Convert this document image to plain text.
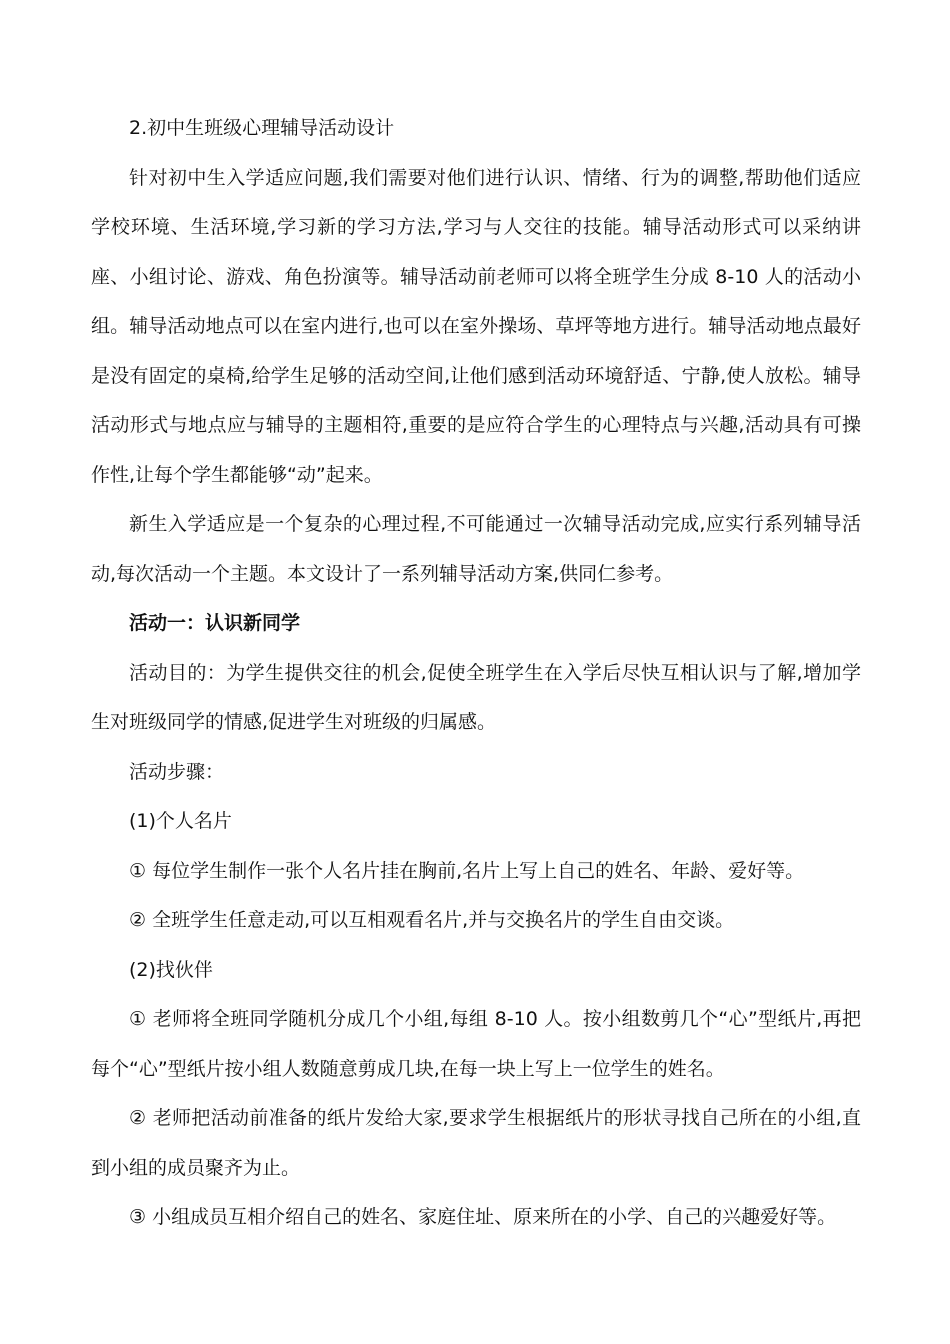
2.初中生班级心理辅导活动设计

针对初中生入学适应问题,我们需要对他们进行认识、情绪、行为的调整,帮助他们适应学校环境、生活环境,学习新的学习方法,学习与人交往的技能。辅导活动形式可以采纳讲座、小组讨论、游戏、角色扮演等。辅导活动前老师可以将全班学生分成 8-10 人的活动小组。辅导活动地点可以在室内进行,也可以在室外操场、草坪等地方进行。辅导活动地点最好是没有固定的桌椅,给学生足够的活动空间,让他们感到活动环境舒适、宁静,使人放松。辅导活动形式与地点应与辅导的主题相符,重要的是应符合学生的心理特点与兴趣,活动具有可操作性,让每个学生都能够“动”起来。

新生入学适应是一个复杂的心理过程,不可能通过一次辅导活动完成,应实行系列辅导活动,每次活动一个主题。本文设计了一系列辅导活动方案,供同仁参考。

活动一：认识新同学

活动目的：为学生提供交往的机会,促使全班学生在入学后尽快互相认识与了解,增加学生对班级同学的情感,促进学生对班级的归属感。

活动步骤：

(1)个人名片

① 每位学生制作一张个人名片挂在胸前,名片上写上自己的姓名、年龄、爱好等。

② 全班学生任意走动,可以互相观看名片,并与交换名片的学生自由交谈。

(2)找伙伴

① 老师将全班同学随机分成几个小组,每组 8-10 人。按小组数剪几个“心”型纸片,再把每个“心”型纸片按小组人数随意剪成几块,在每一块上写上一位学生的姓名。

② 老师把活动前准备的纸片发给大家,要求学生根据纸片的形状寻找自己所在的小组,直到小组的成员聚齐为止。

③ 小组成员互相介绍自己的姓名、家庭住址、原来所在的小学、自己的兴趣爱好等。
